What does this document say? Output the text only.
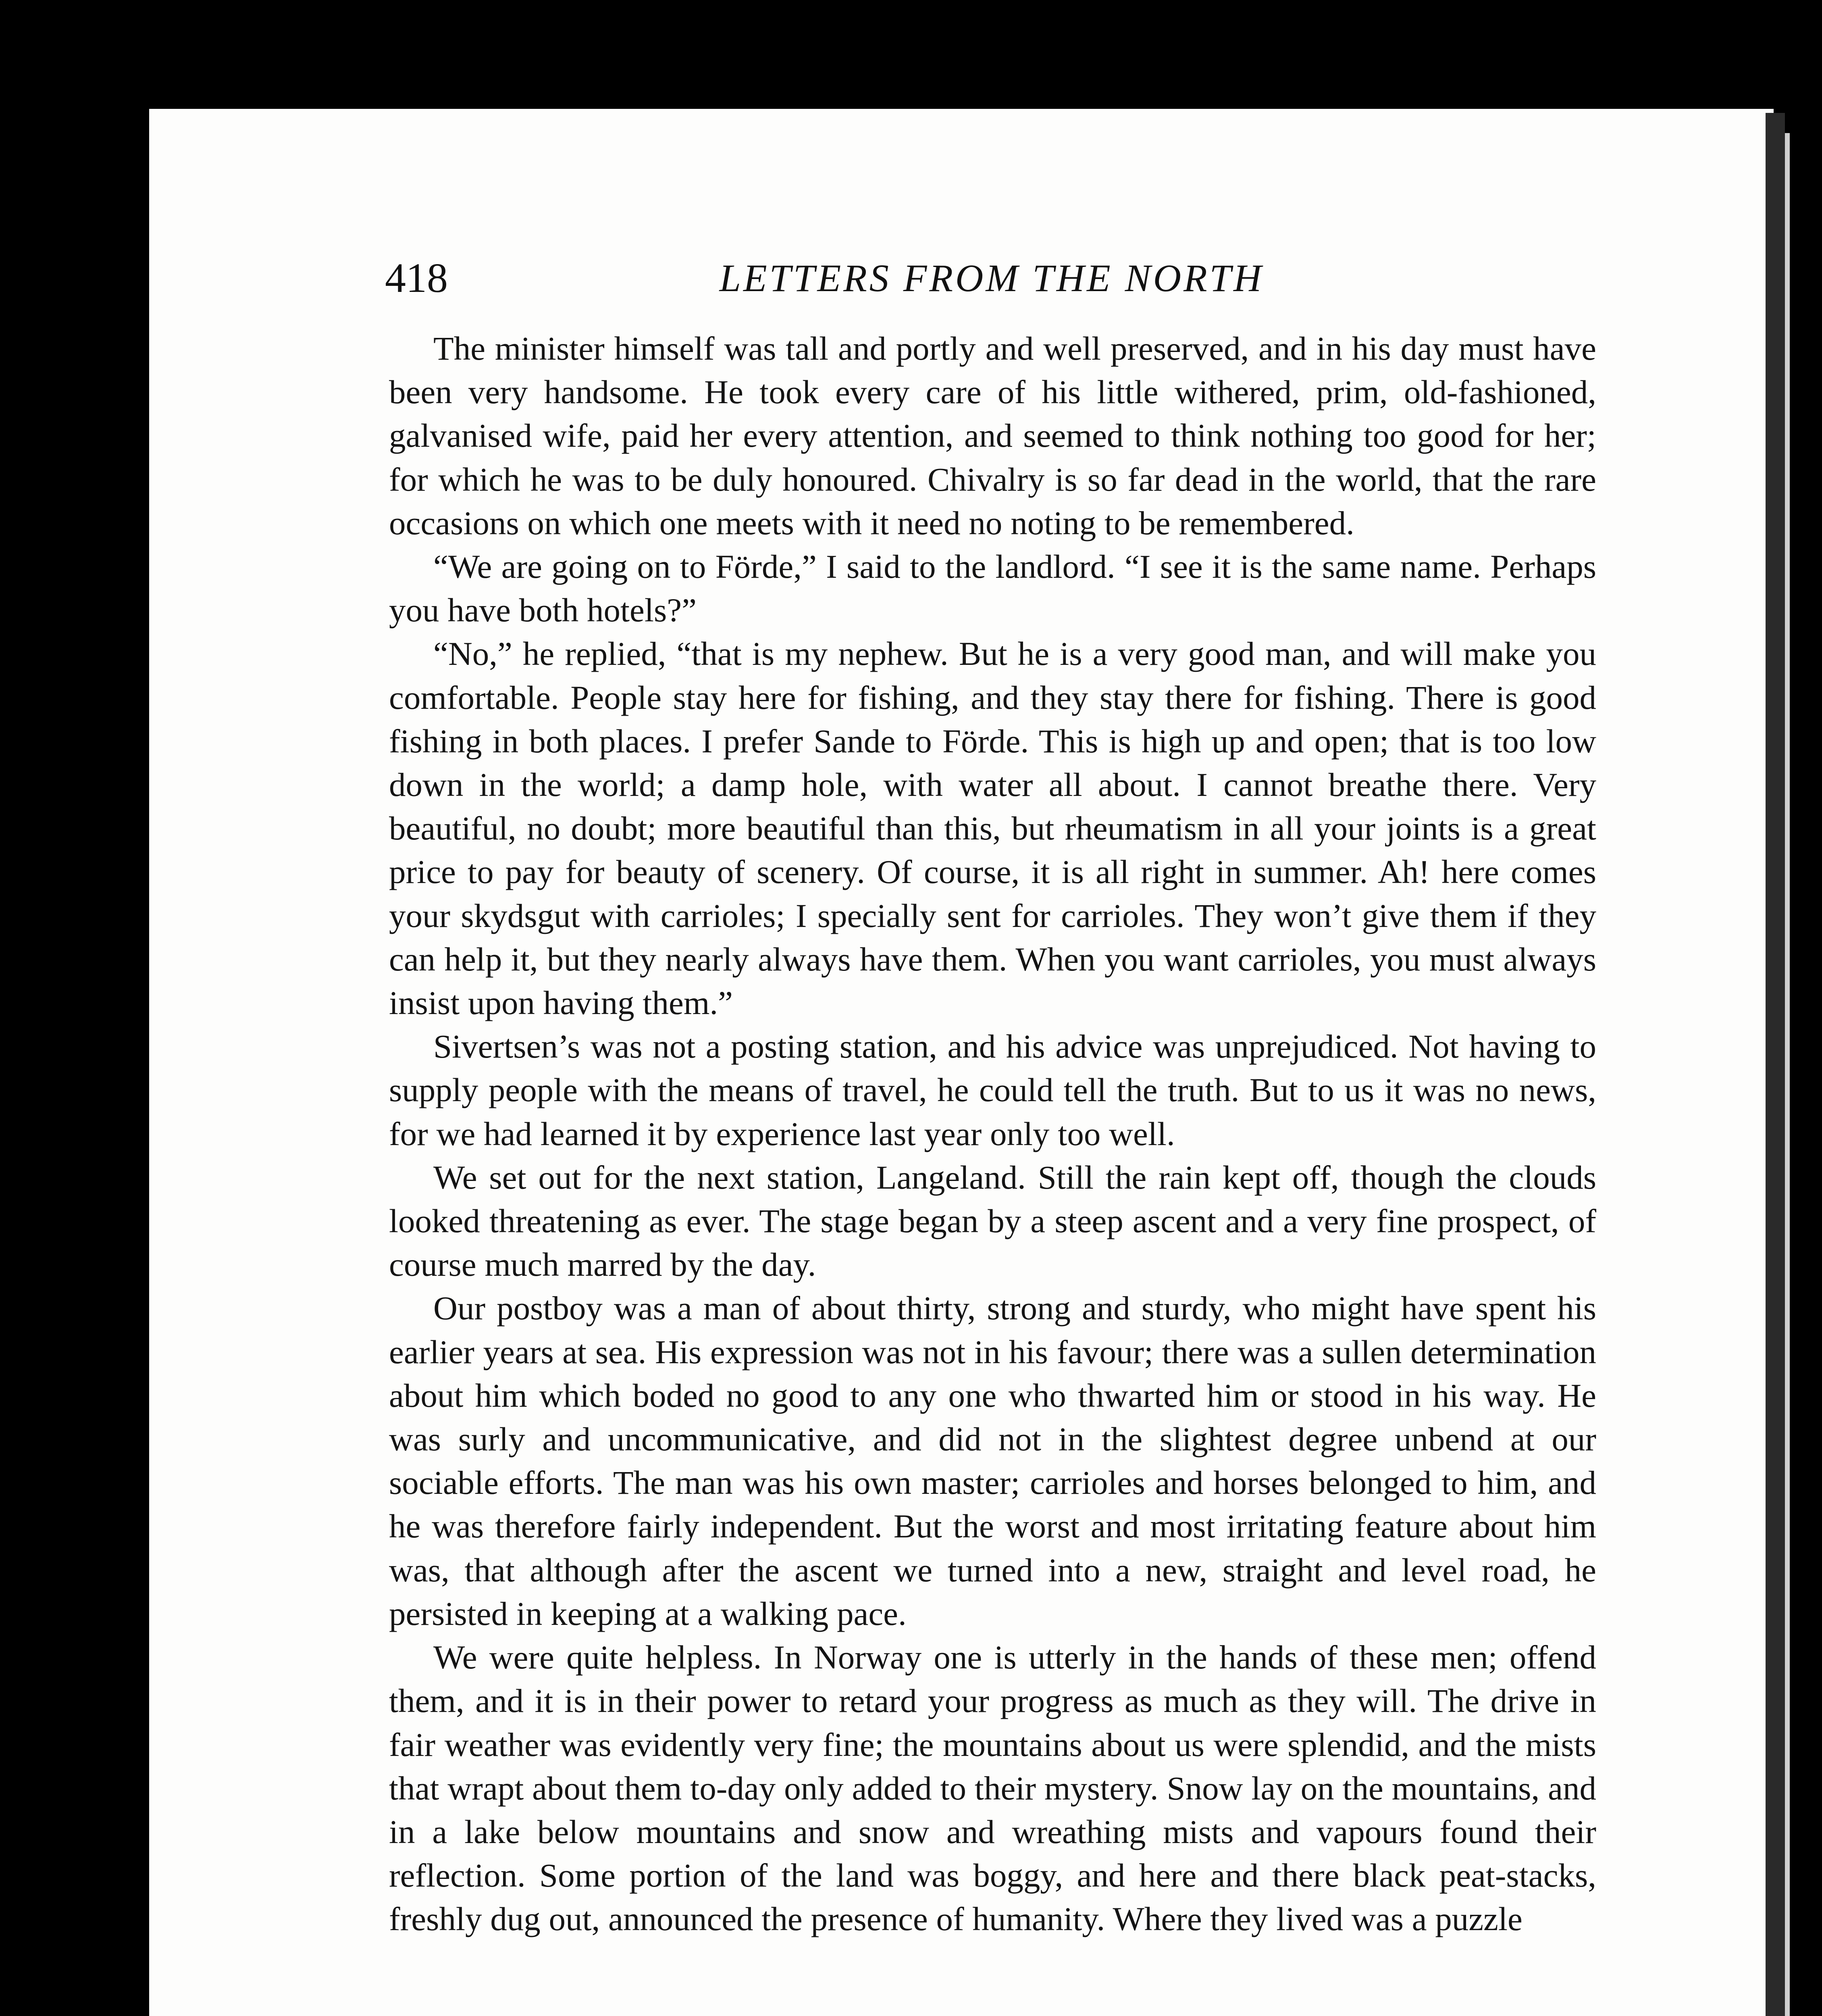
418	LETTERS FROM THE NORTH

The minister himself was tall and portly and well preserved, and in his day must have been very handsome. He took every care of his little withered, prim, old-fashioned, galvanised wife, paid her every attention, and seemed to think nothing too good for her; for which he was to be duly honoured. Chivalry is so far dead in the world, that the rare occasions on which one meets with it need no noting to be remembered.

“We are going on to Förde,” I said to the landlord. “I see it is the same name. Perhaps you have both hotels?”

“No,” he replied, “that is my nephew. But he is a very good man, and will make you comfortable. People stay here for fishing, and they stay there for fishing. There is good fishing in both places. I prefer Sande to Förde. This is high up and open; that is too low down in the world; a damp hole, with water all about. I cannot breathe there. Very beautiful, no doubt; more beautiful than this, but rheumatism in all your joints is a great price to pay for beauty of scenery. Of course, it is all right in summer. Ah! here comes your skydsgut with carrioles; I specially sent for carrioles. They won’t give them if they can help it, but they nearly always have them. When you want carrioles, you must always insist upon having them.”

Sivertsen’s was not a posting station, and his advice was unprejudiced. Not having to supply people with the means of travel, he could tell the truth. But to us it was no news, for we had learned it by experience last year only too well.

We set out for the next station, Langeland. Still the rain kept off, though the clouds looked threatening as ever. The stage began by a steep ascent and a very fine prospect, of course much marred by the day.

Our postboy was a man of about thirty, strong and sturdy, who might have spent his earlier years at sea. His expression was not in his favour; there was a sullen determination about him which boded no good to any one who thwarted him or stood in his way. He was surly and uncommunicative, and did not in the slightest degree unbend at our sociable efforts. The man was his own master; carrioles and horses belonged to him, and he was therefore fairly independent. But the worst and most irritating feature about him was, that although after the ascent we turned into a new, straight and level road, he persisted in keeping at a walking pace.

We were quite helpless. In Norway one is utterly in the hands of these men; offend them, and it is in their power to retard your progress as much as they will. The drive in fair weather was evidently very fine; the mountains about us were splendid, and the mists that wrapt about them to-day only added to their mystery. Snow lay on the mountains, and in a lake below mountains and snow and wreathing mists and vapours found their reflection. Some portion of the land was boggy, and here and there black peat-stacks, freshly dug out, announced the presence of humanity. Where they lived was a puzzle
